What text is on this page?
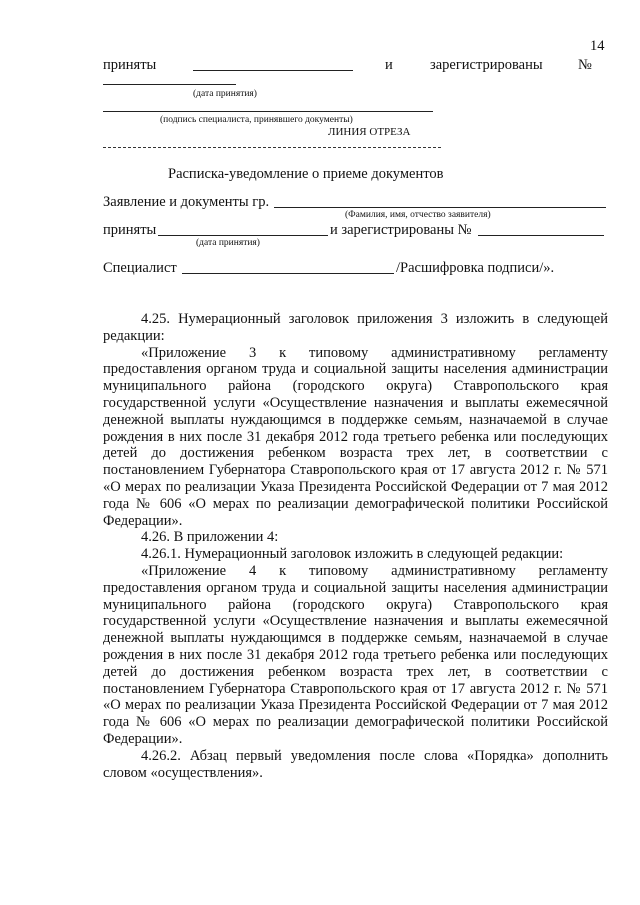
14
приняты	и	зарегистрированы №
(дата принятия)
(подпись специалиста, принявшего документы)
ЛИНИЯ ОТРЕЗА
Расписка-уведомление о приеме документов
Заявление и документы гр.
(Фамилия, имя, отчество заявителя)
приняты	и зарегистрированы №
(дата принятия)
Специалист	/Расшифровка подписи/».

4.25. Нумерационный заголовок приложения 3 изложить в следующей редакции:

«Приложение 3 к типовому административному регламенту предоставления органом труда и социальной защиты населения администрации муниципального района (городского округа) Ставропольского края государственной услуги «Осуществление назначения и выплаты ежемесячной денежной выплаты нуждающимся в поддержке семьям, назначаемой в случае рождения в них после 31 декабря 2012 года третьего ребенка или последующих детей до достижения ребенком возраста трех лет, в соответствии с постановлением Губернатора Ставропольского края от 17 августа 2012 г. № 571 «О мерах по реализации Указа Президента Российской Федерации от 7 мая 2012 года № 606 «О мерах по реализации демографической политики Российской Федерации».

4.26. В приложении 4:

4.26.1. Нумерационный заголовок изложить в следующей редакции:

«Приложение 4 к типовому административному регламенту предоставления органом труда и социальной защиты населения администрации муниципального района (городского округа) Ставропольского края государственной услуги «Осуществление назначения и выплаты ежемесячной денежной выплаты нуждающимся в поддержке семьям, назначаемой в случае рождения в них после 31 декабря 2012 года третьего ребенка или последующих детей до достижения ребенком возраста трех лет, в соответствии с постановлением Губернатора Ставропольского края от 17 августа 2012 г. № 571 «О мерах по реализации Указа Президента Российской Федерации от 7 мая 2012 года № 606 «О мерах по реализации демографической политики Российской Федерации».

4.26.2. Абзац первый уведомления после слова «Порядка» дополнить словом «осуществления».
